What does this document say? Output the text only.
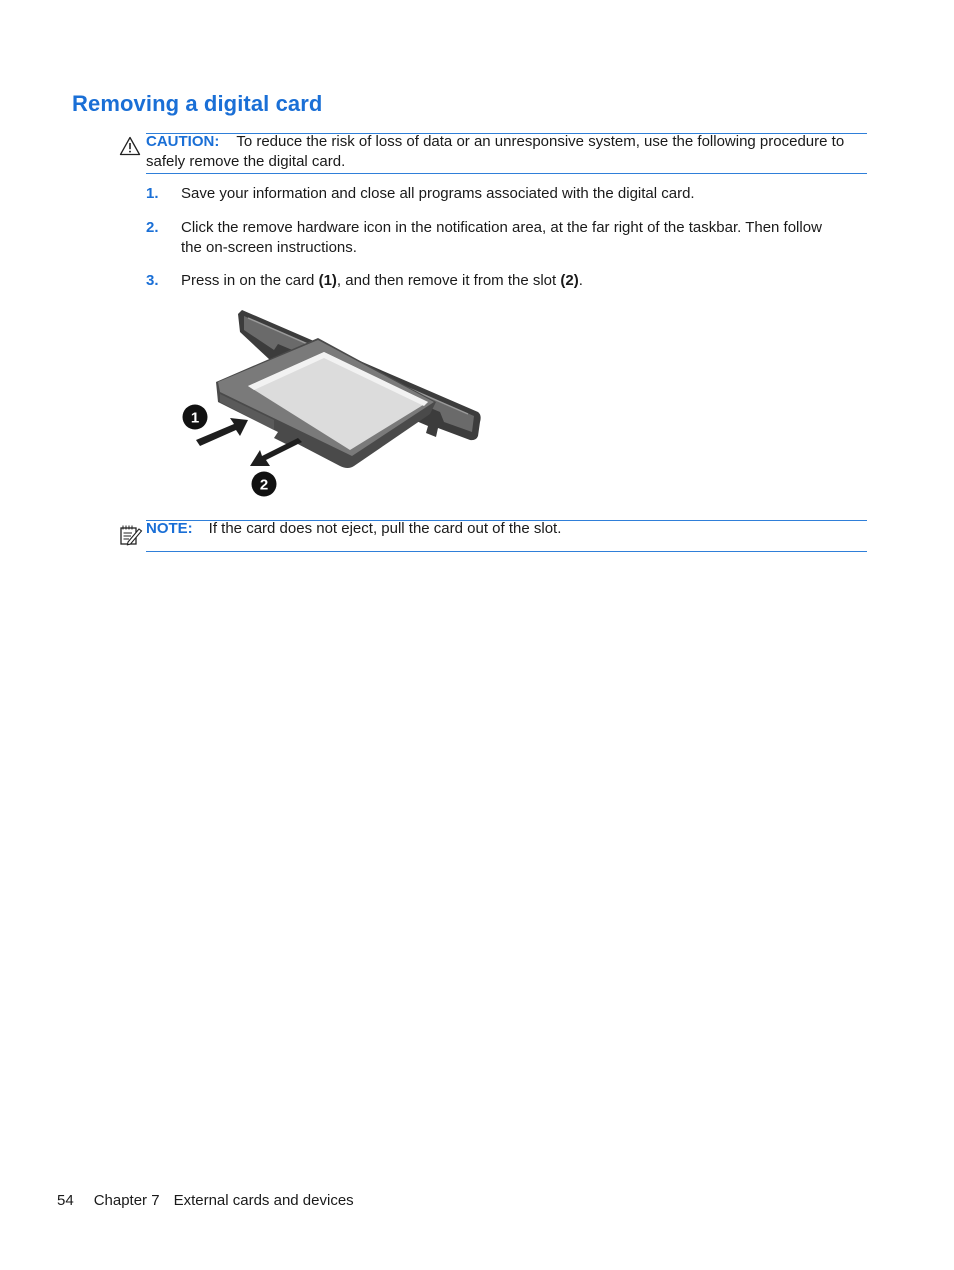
Removing a digital card
CAUTION: To reduce the risk of loss of data or an unresponsive system, use the following procedure to safely remove the digital card.
1. Save your information and close all programs associated with the digital card.
2. Click the remove hardware icon in the notification area, at the far right of the taskbar. Then follow the on-screen instructions.
3. Press in on the card (1), and then remove it from the slot (2).
1
2
NOTE: If the card does not eject, pull the card out of the slot.
54 Chapter 7 External cards and devices
